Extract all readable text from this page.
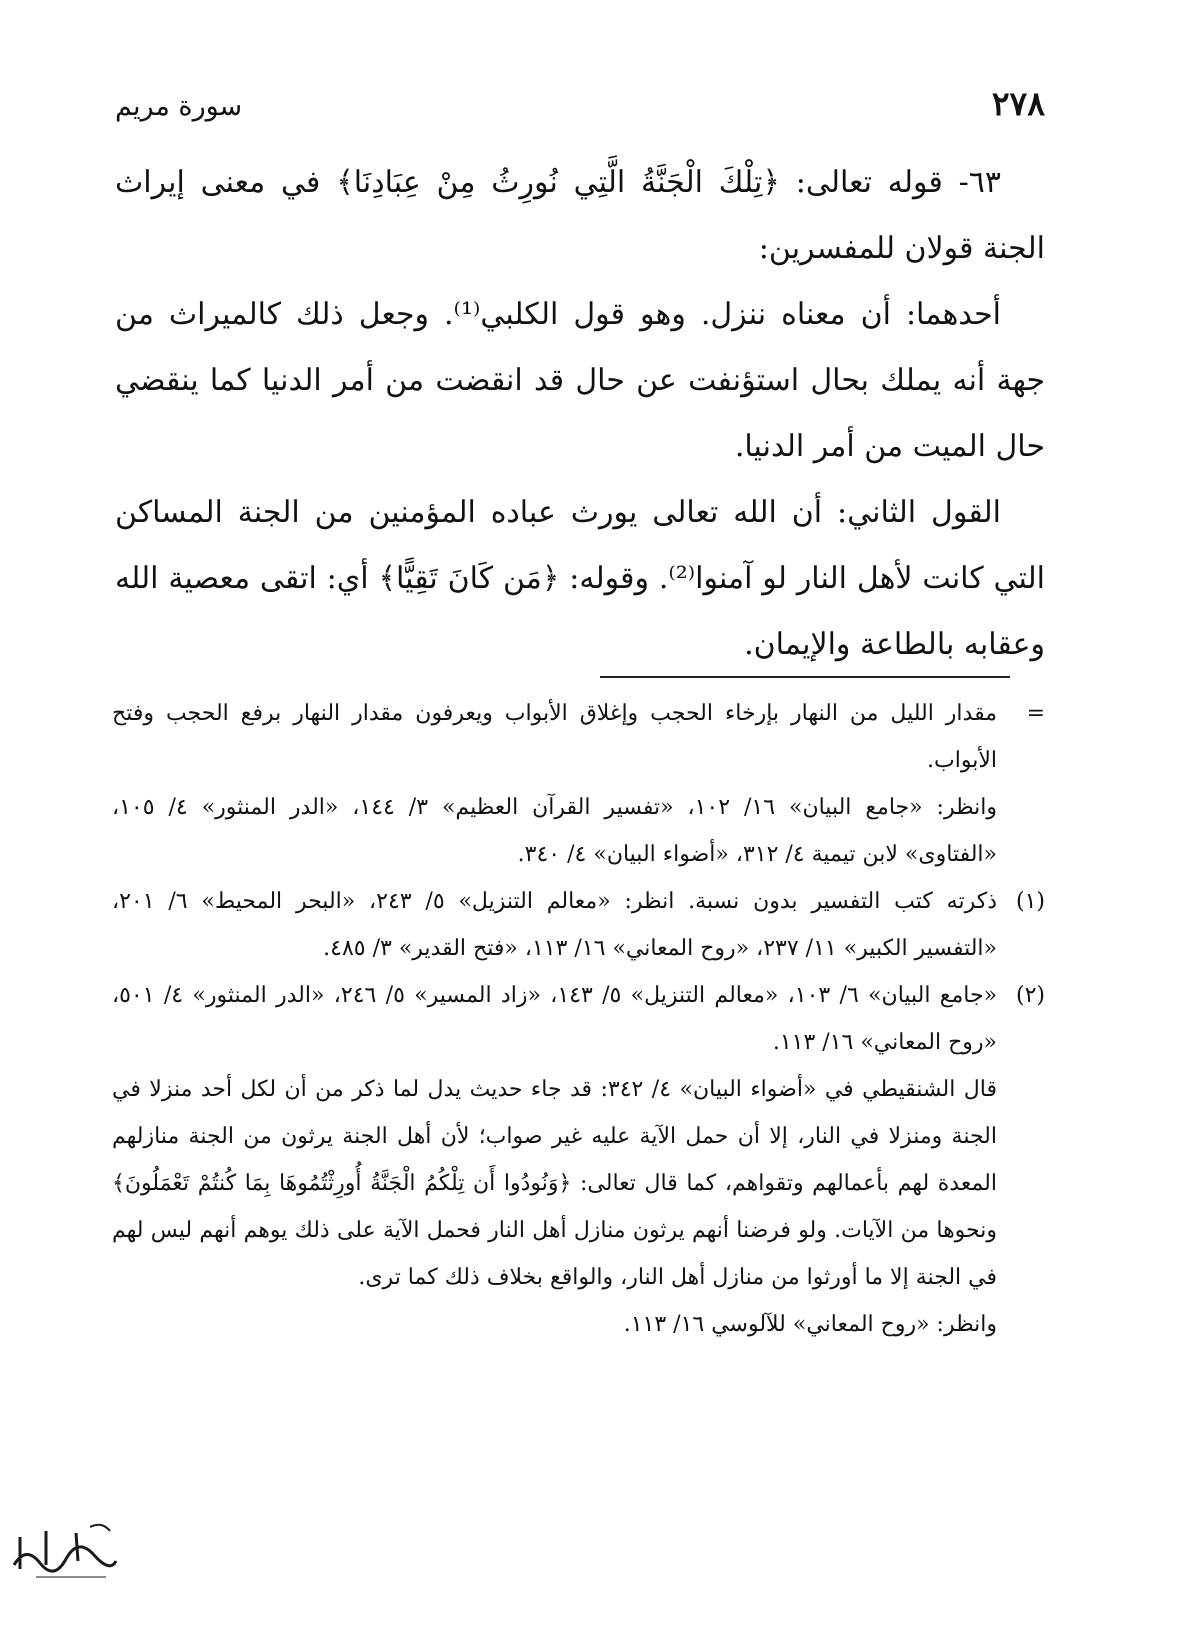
٢٧٨
سورة مريم

٦٣- قوله تعالى: ﴿تِلْكَ الْجَنَّةُ الَّتِي نُورِثُ مِنْ عِبَادِنَا﴾ في معنى إيراث الجنة قولان للمفسرين:

أحدهما: أن معناه ننزل. وهو قول الكلبي⁽¹⁾. وجعل ذلك كالميراث من جهة أنه يملك بحال استؤنفت عن حال قد انقضت من أمر الدنيا كما ينقضي حال الميت من أمر الدنيا.

القول الثاني: أن الله تعالى يورث عباده المؤمنين من الجنة المساكن التي كانت لأهل النار لو آمنوا⁽²⁾. وقوله: ﴿مَن كَانَ تَقِيًّا﴾ أي: اتقى معصية الله وعقابه بالطاعة والإيمان.

=

مقدار الليل من النهار بإرخاء الحجب وإغلاق الأبواب ويعرفون مقدار النهار برفع الحجب وفتح الأبواب.

وانظر: «جامع البيان» ١٦/ ١٠٢، «تفسير القرآن العظيم» ٣/ ١٤٤، «الدر المنثور» ٤/ ١٠٥، «الفتاوى» لابن تيمية ٤/ ٣١٢، «أضواء البيان» ٤/ ٣٤٠.

(١)

ذكرته كتب التفسير بدون نسبة. انظر: «معالم التنزيل» ٥/ ٢٤٣، «البحر المحيط» ٦/ ٢٠١، «التفسير الكبير» ١١/ ٢٣٧، «روح المعاني» ١٦/ ١١٣، «فتح القدير» ٣/ ٤٨٥.

(٢)

«جامع البيان» ٦/ ١٠٣، «معالم التنزيل» ٥/ ١٤٣، «زاد المسير» ٥/ ٢٤٦، «الدر المنثور» ٤/ ٥٠١، «روح المعاني» ١٦/ ١١٣.

قال الشنقيطي في «أضواء البيان» ٤/ ٣٤٢: قد جاء حديث يدل لما ذكر من أن لكل أحد منزلا في الجنة ومنزلا في النار، إلا أن حمل الآية عليه غير صواب؛ لأن أهل الجنة يرثون من الجنة منازلهم المعدة لهم بأعمالهم وتقواهم، كما قال تعالى: ﴿وَنُودُوا أَن تِلْكُمُ الْجَنَّةُ أُورِثْتُمُوهَا بِمَا كُنتُمْ تَعْمَلُونَ﴾ ونحوها من الآيات. ولو فرضنا أنهم يرثون منازل أهل النار فحمل الآية على ذلك يوهم أنهم ليس لهم في الجنة إلا ما أورثوا من منازل أهل النار، والواقع بخلاف ذلك كما ترى.

وانظر: «روح المعاني» للآلوسي ١٦/ ١١٣.
